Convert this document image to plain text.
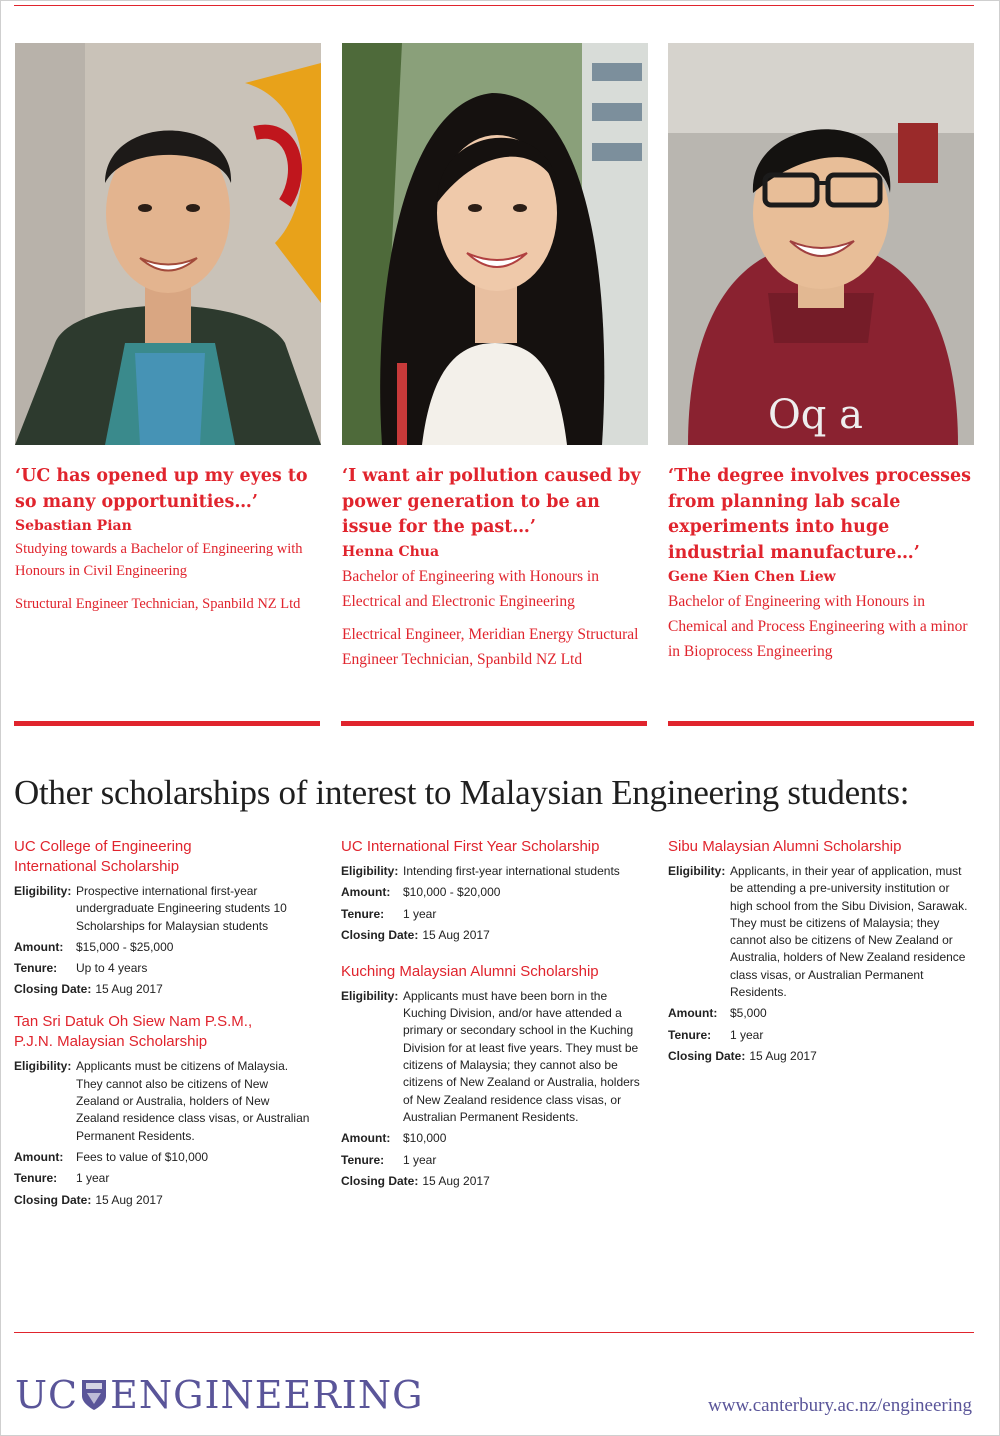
‘UC has opened up my eyes to so many opportunities…’
Sebastian Pian
Studying towards a Bachelor of Engineering with Honours in Civil Engineering
Structural Engineer Technician, Spanbild NZ Ltd
‘I want air pollution caused by power generation to be an issue for the past…’
Henna Chua
Bachelor of Engineering with Honours in Electrical and Electronic Engineering
Electrical Engineer, Meridian Energy Structural Engineer Technician, Spanbild NZ Ltd
Oq a
‘The degree involves processes from planning lab scale experiments into huge industrial manufacture…’
Gene Kien Chen Liew
Bachelor of Engineering with Honours in Chemical and Process Engineering with a minor in Bioprocess Engineering
Other scholarships of interest to Malaysian Engineering students:
UC College of Engineering International Scholarship
Eligibility: Prospective international first-year undergraduate Engineering students 10 Scholarships for Malaysian students
Amount:	$15,000 - $25,000
Tenure:	Up to 4 years
Closing Date: 15 Aug 2017
Tan Sri Datuk Oh Siew Nam P.S.M., P.J.N. Malaysian Scholarship
Eligibility: Applicants must be citizens of Malaysia. They cannot also be citizens of New Zealand or Australia, holders of New Zealand residence class visas, or Australian Permanent Residents.
Amount:	Fees to value of $10,000
Tenure:	1 year
Closing Date: 15 Aug 2017
UC International First Year Scholarship
Eligibility: Intending first-year international students
Amount:	$10,000 - $20,000
Tenure:	1 year
Closing Date: 15 Aug 2017
Kuching Malaysian Alumni Scholarship
Eligibility: Applicants must have been born in the Kuching Division, and/or have attended a primary or secondary school in the Kuching Division for at least five years. They must be citizens of Malaysia; they cannot also be citizens of New Zealand or Australia, holders of New Zealand residence class visas, or Australian Permanent Residents.
Amount:	$10,000
Tenure:	1 year
Closing Date: 15 Aug 2017
Sibu Malaysian Alumni Scholarship
Eligibility: Applicants, in their year of application, must be attending a pre-university institution or high school from the Sibu Division, Sarawak. They must be citizens of Malaysia; they cannot also be citizens of New Zealand or Australia, holders of New Zealand residence class visas, or Australian Permanent Residents.
Amount:	$5,000
Tenure:	1 year
Closing Date: 15 Aug 2017
UC ENGINEERING	www.canterbury.ac.nz/engineering
